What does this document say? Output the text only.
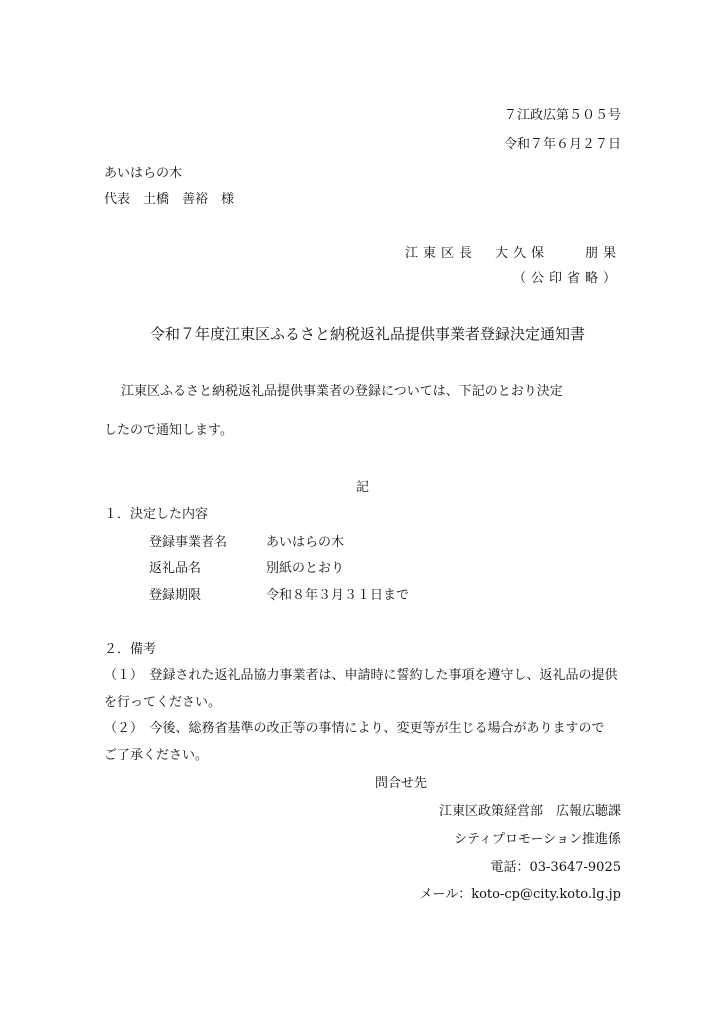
７江政広第５０５号
令和７年６月２７日
あいはらの木
代表　土橋　善裕　様
江東区長　大久保　　朋果
（公印省略）
令和７年度江東区ふるさと納税返礼品提供事業者登録決定通知書
江東区ふるさと納税返礼品提供事業者の登録については、下記のとおり決定
したので通知します。
記
１．決定した内容
登録事業者名	あいはらの木
返礼品名	別紙のとおり
登録期限	令和８年３月３１日まで
２．備考
（１）　登録された返礼品協力事業者は、申請時に誓約した事項を遵守し、返礼品の提供
を行ってください。
（２）　今後、総務省基準の改正等の事情により、変更等が生じる場合がありますので
ご了承ください。
問合せ先
江東区政策経営部　広報広聴課
シティプロモーション推進係
電話：03-3647-9025
メール：koto-cp@city.koto.lg.jp
